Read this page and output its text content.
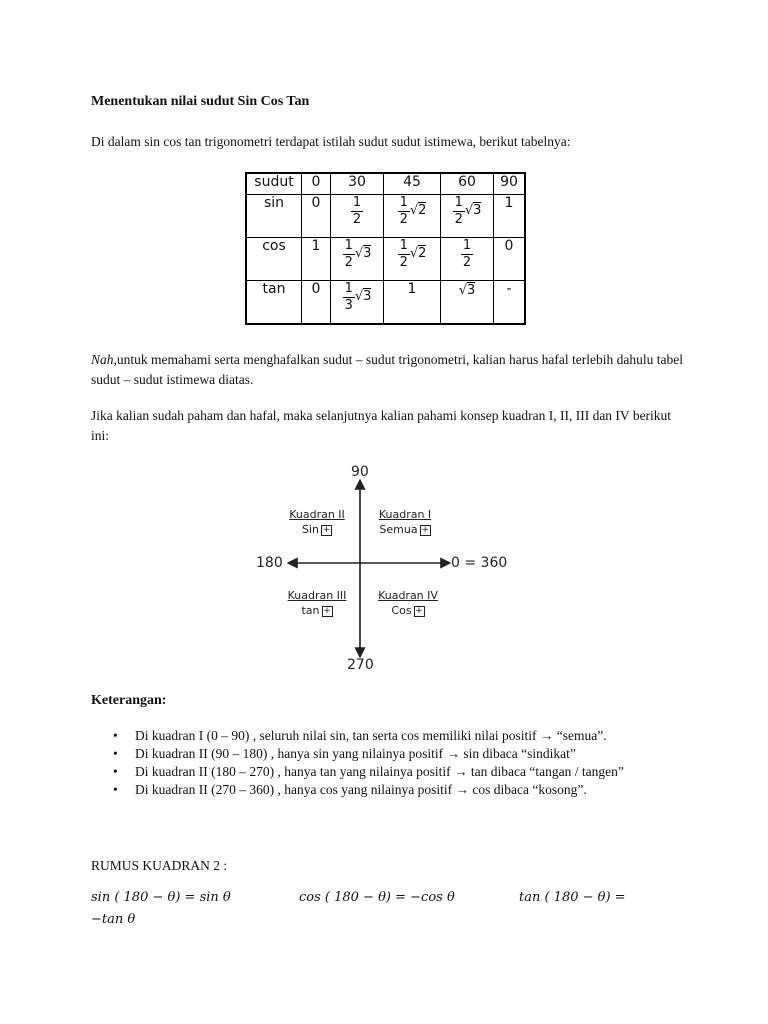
Menentukan nilai sudut Sin Cos Tan
Di dalam sin cos tan trigonometri terdapat istilah sudut sudut istimewa, berikut tabelnya:
sudut	0	30	45	60	90
sin	0	$\frac{1}{2}$	$\frac{1}{2} √2$	$\frac{1}{2} √3$	1
cos	1	$\frac{1}{2} √3$	$\frac{1}{2} √2$	$\frac{1}{2}$	0
tan	0	$\frac{1}{3} √3$	1	√3	-
Nah,untuk memahami serta menghafalkan sudut – sudut trigonometri, kalian harus hafal terlebih dahulu tabel sudut – sudut istimewa diatas.
Jika kalian sudah paham dan hafal, maka selanjutnya kalian pahami konsep kuadran I, II, III dan IV berikut ini:
90
270
180	0 = 360
Kuadran II
Sin +
Kuadran I
Semua +
Kuadran III
tan +
Kuadran IV
Cos +
Keterangan:
• Di kuadran I (0 – 90) , seluruh nilai sin, tan serta cos memiliki nilai positif → “semua”.
• Di kuadran II (90 – 180) , hanya sin yang nilainya positif → sin dibaca “sindikat”
• Di kuadran II (180 – 270) , hanya tan yang nilainya positif → tan dibaca “tangan / tangen”
• Di kuadran II (270 – 360) , hanya cos yang nilainya positif → cos dibaca “kosong”.
RUMUS KUADRAN 2 :
sin ( 180 − θ) = sin θ	cos ( 180 − θ) = −cos θ	tan ( 180 − θ) =
−tan θ
